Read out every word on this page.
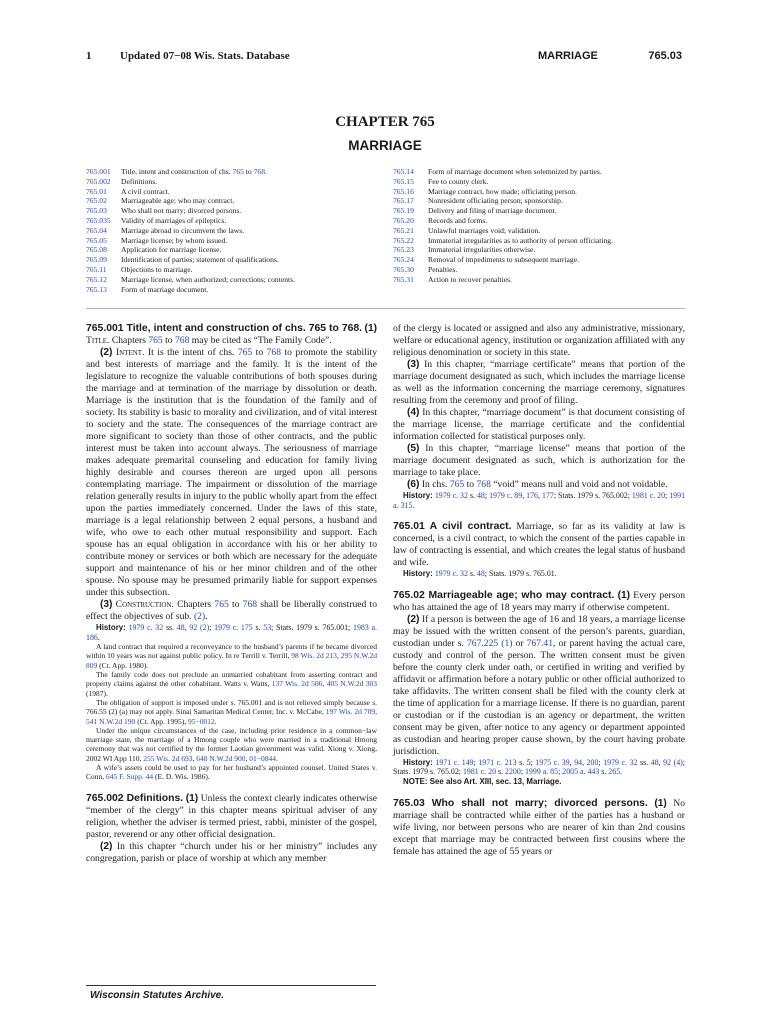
1	Updated 07−08 Wis. Stats. Database	MARRIAGE	765.03
CHAPTER 765
MARRIAGE
765.001	Title, intent and construction of chs. 765 to 768.
765.002	Definitions.
765.01	A civil contract.
765.02	Marriageable age; who may contract.
765.03	Who shall not marry; divorced persons.
765.035	Validity of marriages of epileptics.
765.04	Marriage abroad to circumvent the laws.
765.05	Marriage license; by whom issued.
765.08	Application for marriage license.
765.09	Identification of parties; statement of qualifications.
765.11	Objections to marriage.
765.12	Marriage license, when authorized; corrections; contents.
765.13	Form of marriage document.
765.14	Form of marriage document when solemnized by parties.
765.15	Fee to county clerk.
765.16	Marriage contract, how made; officiating person.
765.17	Nonresident officiating person; sponsorship.
765.19	Delivery and filing of marriage document.
765.20	Records and forms.
765.21	Unlawful marriages void; validation.
765.22	Immaterial irregularities as to authority of person officiating.
765.23	Immaterial irregularities otherwise.
765.24	Removal of impediments to subsequent marriage.
765.30	Penalties.
765.31	Action to recover penalties.

765.001 Title, intent and construction of chs. 765 to 768. (1) Title. Chapters 765 to 768 may be cited as “The Family Code”.

(2) Intent. It is the intent of chs. 765 to 768 to promote the stability and best interests of marriage and the family. It is the intent of the legislature to recognize the valuable contributions of both spouses during the marriage and at termination of the marriage by dissolution or death. Marriage is the institution that is the foundation of the family and of society. Its stability is basic to morality and civilization, and of vital interest to society and the state. The consequences of the marriage contract are more significant to society than those of other contracts, and the public interest must be taken into account always. The seriousness of marriage makes adequate premarital counseling and education for family living highly desirable and courses thereon are urged upon all persons contemplating marriage. The impairment or dissolution of the marriage relation generally results in injury to the public wholly apart from the effect upon the parties immediately concerned. Under the laws of this state, marriage is a legal relationship between 2 equal persons, a husband and wife, who owe to each other mutual responsibility and support. Each spouse has an equal obligation in accordance with his or her ability to contribute money or services or both which are necessary for the adequate support and maintenance of his or her minor children and of the other spouse. No spouse may be presumed primarily liable for support expenses under this subsection.

(3) Construction. Chapters 765 to 768 shall be liberally construed to effect the objectives of sub. (2).

History: 1979 c. 32 ss. 48, 92 (2); 1979 c. 175 s. 53; Stats. 1979 s. 765.001; 1983 a. 186.

A land contract that required a reconveyance to the husband’s parents if he became divorced within 10 years was not against public policy. In re Terrill v. Terrill, 98 Wis. 2d 213, 295 N.W.2d 809 (Ct. App. 1980).

The family code does not preclude an unmarried cohabitant from asserting contract and property claims against the other cohabitant. Watts v. Watts, 137 Wis. 2d 506, 405 N.W.2d 303 (1987).

The obligation of support is imposed under s. 765.001 and is not relieved simply because s. 766.55 (2) (a) may not apply. Sinai Samaritan Medical Center, Inc. v. McCabe, 197 Wis. 2d 709, 541 N.W.2d 190 (Ct. App. 1995), 95−0012.

Under the unique circumstances of the case, including prior residence in a common−law marriage state, the marriage of a Hmong couple who were married in a traditional Hmong ceremony that was not certified by the former Laotian government was valid. Xiong v. Xiong, 2002 WI App 110, 255 Wis. 2d 693, 648 N.W.2d 900, 01−0844.

A wife’s assets could be used to pay for her husband’s appointed counsel. United States v. Conn, 645 F. Supp. 44 (E. D. Wis. 1986).

765.002 Definitions. (1) Unless the context clearly indicates otherwise “member of the clergy” in this chapter means spiritual adviser of any religion, whether the adviser is termed priest, rabbi, minister of the gospel, pastor, reverend or any other official designation.

(2) In this chapter “church under his or her ministry” includes any congregation, parish or place of worship at which any member

of the clergy is located or assigned and also any administrative, missionary, welfare or educational agency, institution or organization affiliated with any religious denomination or society in this state.

(3) In this chapter, “marriage certificate” means that portion of the marriage document designated as such, which includes the marriage license as well as the information concerning the marriage ceremony, signatures resulting from the ceremony and proof of filing.

(4) In this chapter, “marriage document” is that document consisting of the marriage license, the marriage certificate and the confidential information collected for statistical purposes only.

(5) In this chapter, “marriage license” means that portion of the marriage document designated as such, which is authorization for the marriage to take place.

(6) In chs. 765 to 768 “void” means null and void and not voidable.

History: 1979 c. 32 s. 48; 1979 c. 89, 176, 177; Stats. 1979 s. 765.002; 1981 c. 20; 1991 a. 315.

765.01 A civil contract. Marriage, so far as its validity at law is concerned, is a civil contract, to which the consent of the parties capable in law of contracting is essential, and which creates the legal status of husband and wife.

History: 1979 c. 32 s. 48; Stats. 1979 s. 765.01.

765.02 Marriageable age; who may contract. (1) Every person who has attained the age of 18 years may marry if otherwise competent.

(2) If a person is between the age of 16 and 18 years, a marriage license may be issued with the written consent of the person’s parents, guardian, custodian under s. 767.225 (1) or 767.41, or parent having the actual care, custody and control of the person. The written consent must be given before the county clerk under oath, or certified in writing and verified by affidavit or affirmation before a notary public or other official authorized to take affidavits. The written consent shall be filed with the county clerk at the time of application for a marriage license. If there is no guardian, parent or custodian or if the custodian is an agency or department, the written consent may be given, after notice to any agency or department appointed as custodian and hearing proper cause shown, by the court having probate jurisdiction.

History: 1971 c. 149; 1971 c. 213 s. 5; 1975 c. 39, 94, 200; 1979 c. 32 ss. 48, 92 (4); Stats. 1979 s. 765.02; 1981 c. 20 s. 2200; 1999 a. 85; 2005 a. 443 s. 265.

NOTE: See also Art. XIII, sec. 13, Marriage.

765.03 Who shall not marry; divorced persons. (1) No marriage shall be contracted while either of the parties has a husband or wife living, nor between persons who are nearer of kin than 2nd cousins except that marriage may be contracted between first cousins where the female has attained the age of 55 years or

Wisconsin Statutes Archive.
